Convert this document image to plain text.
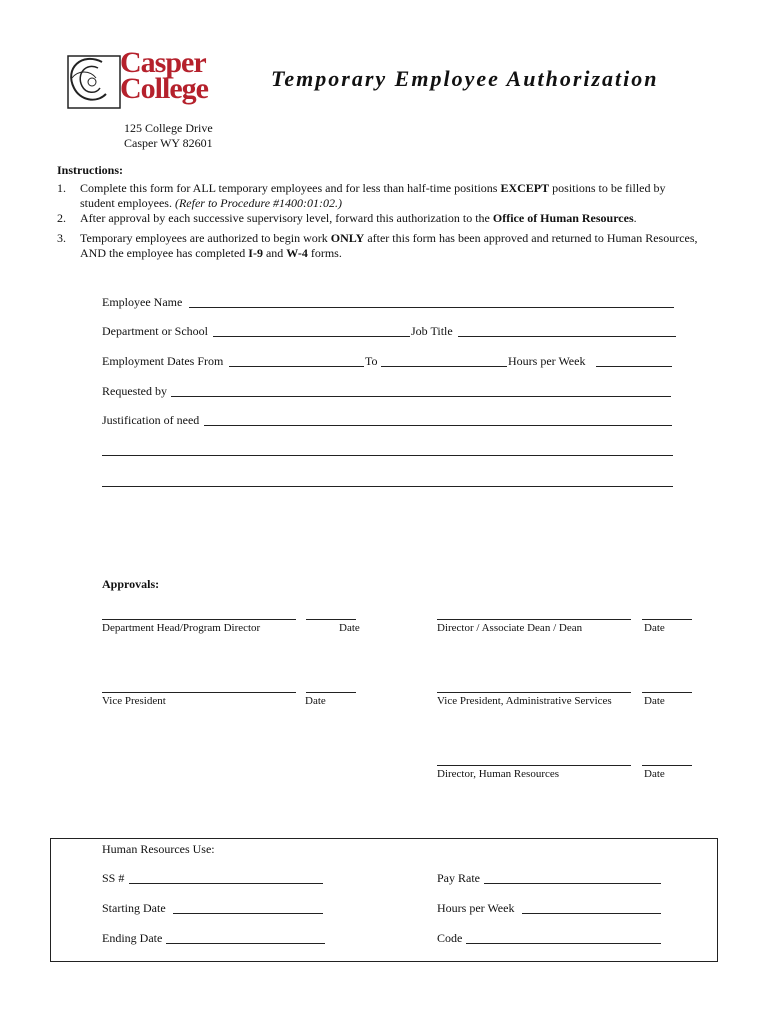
Casper
College	Temporary Employee Authorization
125 College Drive
Casper WY 82601
Instructions:
1.	Complete this form for ALL temporary employees and for less than half-time positions EXCEPT positions to be filled by student employees. (Refer to Procedure #1400:01:02.)
2.	After approval by each successive supervisory level, forward this authorization to the Office of Human Resources.
3.	Temporary employees are authorized to begin work ONLY after this form has been approved and returned to Human Resources, AND the employee has completed I-9 and W-4 forms.
Employee Name
Department or School	Job Title
Employment Dates From	To	Hours per Week
Requested by
Justification of need
Approvals:
Department Head/Program Director	Date	Director / Associate Dean / Dean	Date
Vice President	Date	Vice President, Administrative Services	Date
Director, Human Resources	Date
Human Resources Use:
SS #	Pay Rate
Starting Date	Hours per Week
Ending Date	Code
